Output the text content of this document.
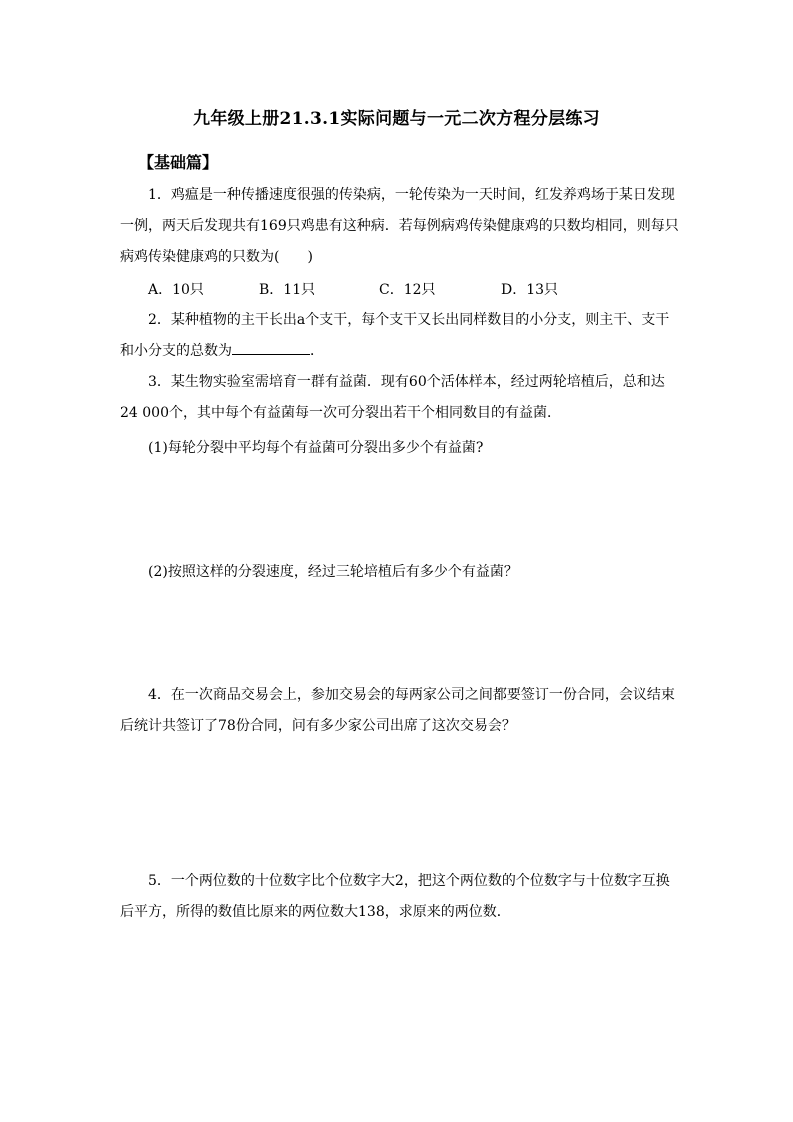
九年级上册21.3.1实际问题与一元二次方程分层练习
【基础篇】
1．鸡瘟是一种传播速度很强的传染病，一轮传染为一天时间，红发养鸡场于某日发现一例，两天后发现共有169只鸡患有这种病．若每例病鸡传染健康鸡的只数均相同，则每只病鸡传染健康鸡的只数为(　　)
A．10只	B．11只	C．12只	D．13只
2．某种植物的主干长出a个支干，每个支干又长出同样数目的小分支，则主干、支干和小分支的总数为	．
3．某生物实验室需培育一群有益菌．现有60个活体样本，经过两轮培植后，总和达24 000个，其中每个有益菌每一次可分裂出若干个相同数目的有益菌．
(1)每轮分裂中平均每个有益菌可分裂出多少个有益菌?
(2)按照这样的分裂速度，经过三轮培植后有多少个有益菌？
4．在一次商品交易会上，参加交易会的每两家公司之间都要签订一份合同，会议结束后统计共签订了78份合同，问有多少家公司出席了这次交易会？
5．一个两位数的十位数字比个位数字大2，把这个两位数的个位数字与十位数字互换后平方，所得的数值比原来的两位数大138，求原来的两位数．
